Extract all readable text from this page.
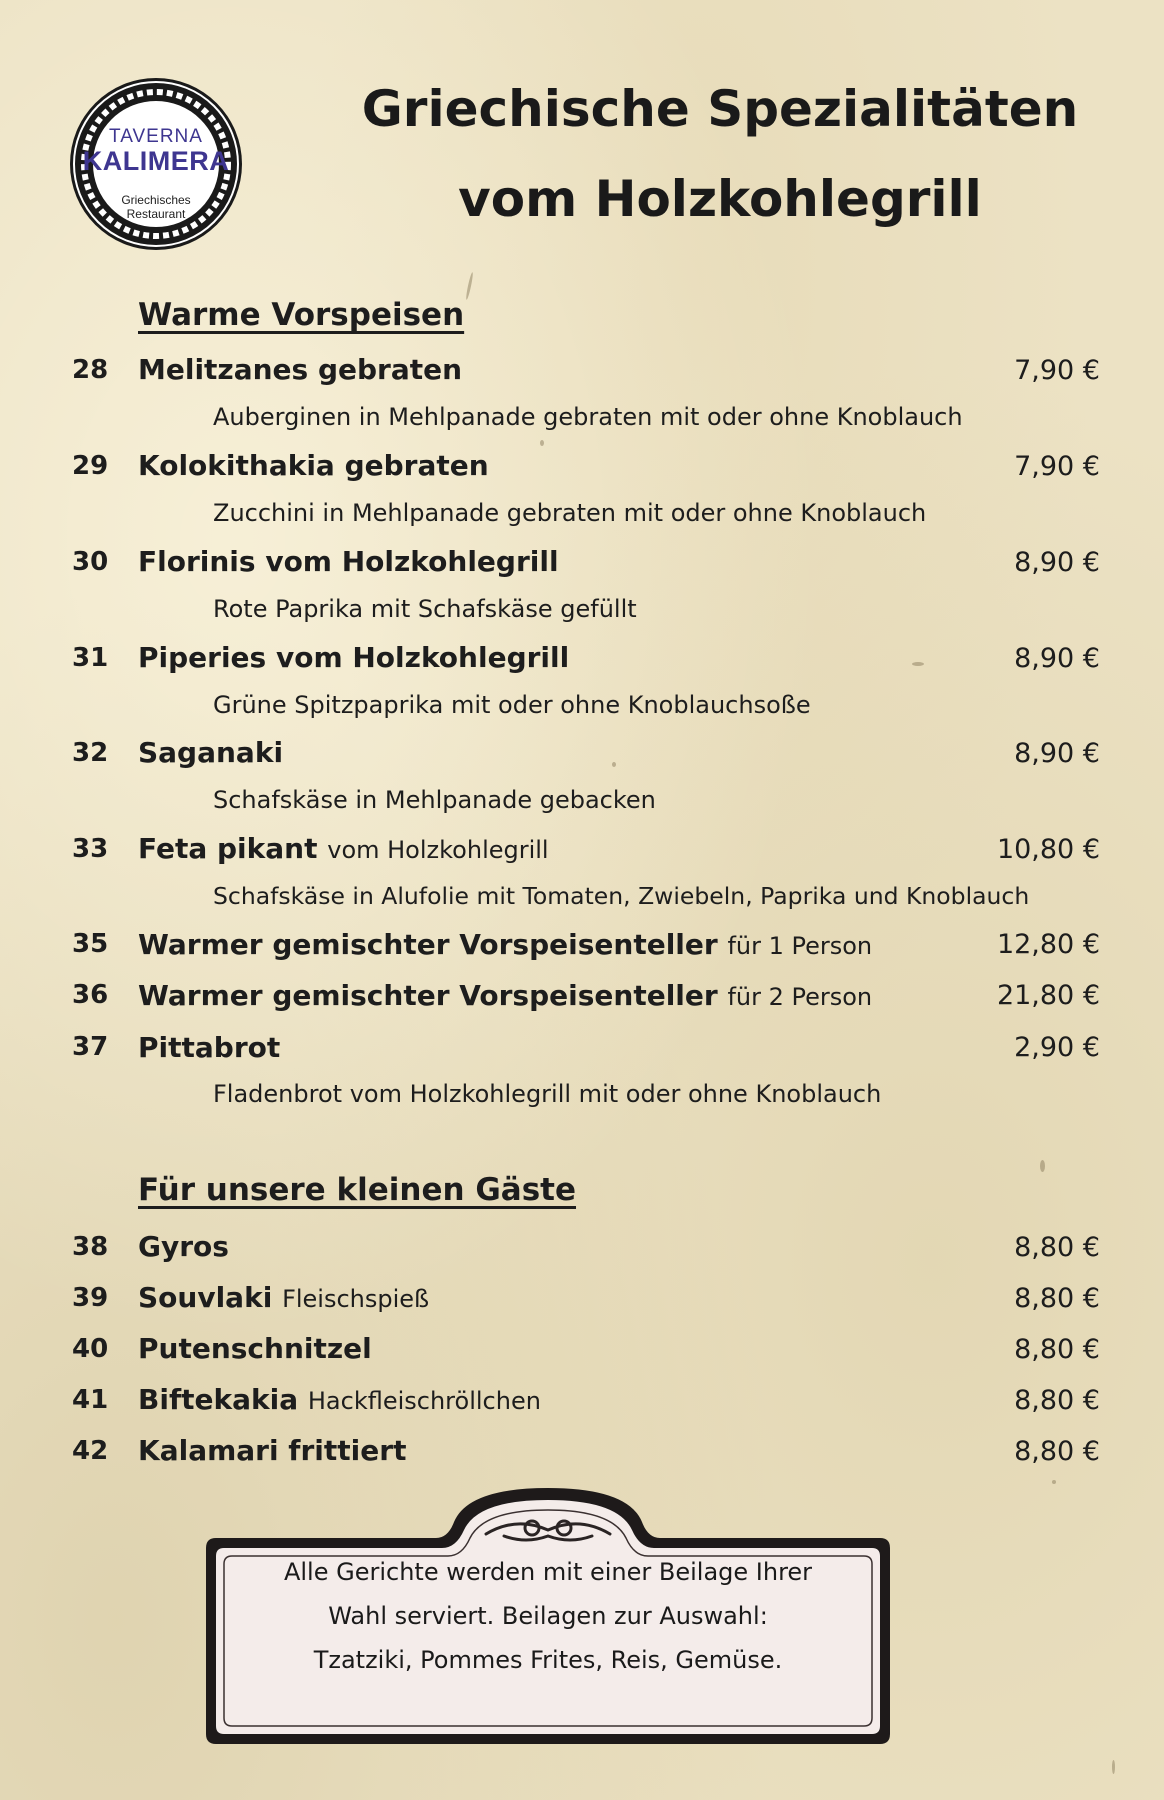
TAVERNA
KALIMERA
Griechisches
Restaurant
Griechische Spezialitäten
vom Holzkohlegrill
Warme Vorspeisen
28 Melitzanes gebraten	7,90 €
Auberginen in Mehlpanade gebraten mit oder ohne Knoblauch
29 Kolokithakia gebraten	7,90 €
Zucchini in Mehlpanade gebraten mit oder ohne Knoblauch
30 Florinis vom Holzkohlegrill	8,90 €
Rote Paprika mit Schafskäse gefüllt
31 Piperies vom Holzkohlegrill	8,90 €
Grüne Spitzpaprika mit oder ohne Knoblauchsoße
32 Saganaki	8,90 €
Schafskäse in Mehlpanade gebacken
33 Feta pikant vom Holzkohlegrill	10,80 €
Schafskäse in Alufolie mit Tomaten, Zwiebeln, Paprika und Knoblauch
35 Warmer gemischter Vorspeisenteller für 1 Person	12,80 €
36 Warmer gemischter Vorspeisenteller für 2 Person	21,80 €
37 Pittabrot	2,90 €
Fladenbrot vom Holzkohlegrill mit oder ohne Knoblauch
Für unsere kleinen Gäste
38 Gyros	8,80 €
39 Souvlaki Fleischspieß	8,80 €
40 Putenschnitzel	8,80 €
41 Biftekakia Hackfleischröllchen	8,80 €
42 Kalamari frittiert	8,80 €
Alle Gerichte werden mit einer Beilage Ihrer
Wahl serviert. Beilagen zur Auswahl:
Tzatziki, Pommes Frites, Reis, Gemüse.
